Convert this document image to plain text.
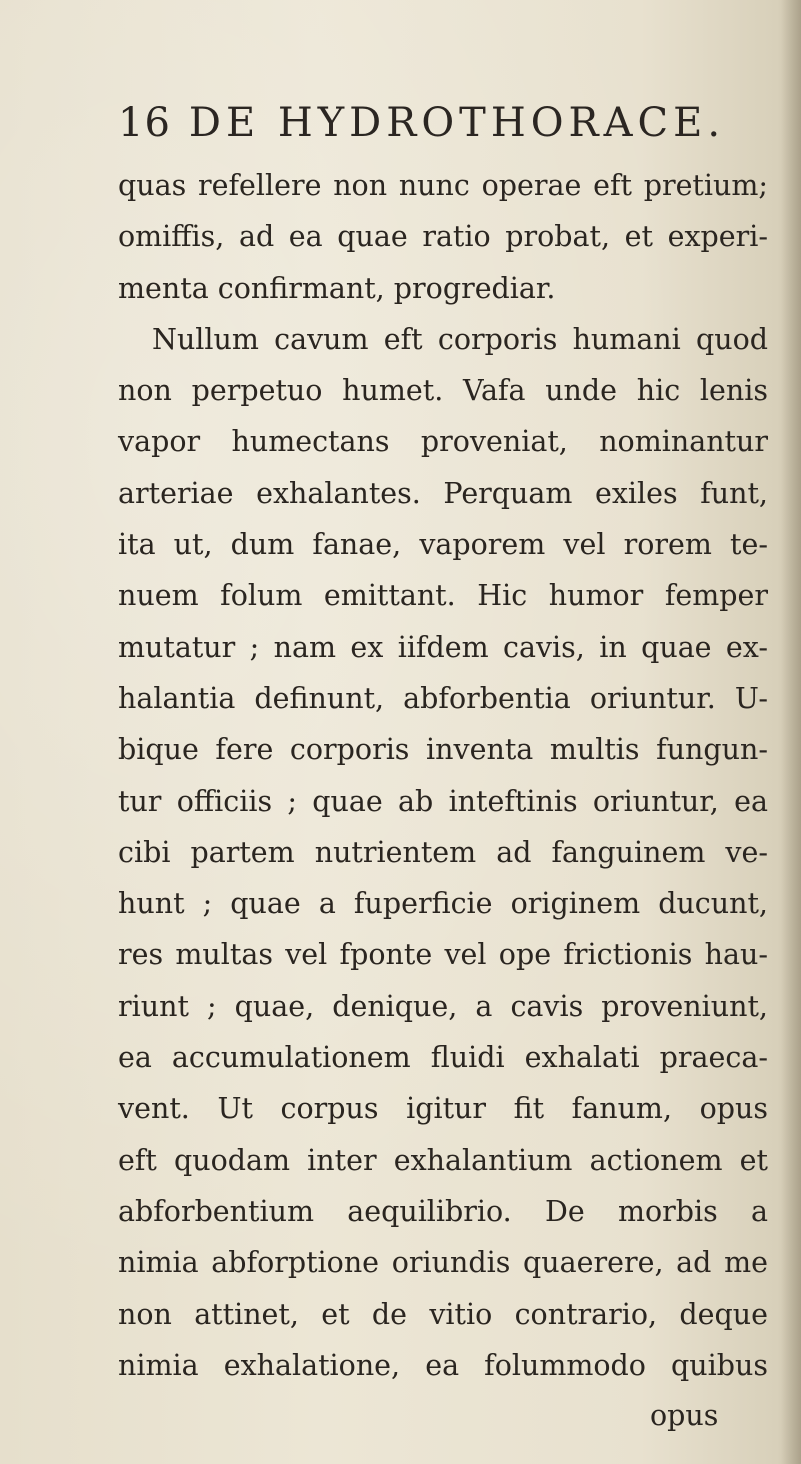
16 DE HYDROTHORACE.
quas refellere non nunc operae eft pretium;
omiffis, ad ea quae ratio probat, et experi-
menta confirmant, progrediar.
Nullum cavum eft corporis humani quod
non perpetuo humet. Vafa unde hic lenis
vapor humectans proveniat, nominantur
arteriae exhalantes. Perquam exiles funt,
ita ut, dum fanae, vaporem vel rorem te-
nuem folum emittant. Hic humor femper
mutatur ; nam ex iifdem cavis, in quae ex-
halantia definunt, abforbentia oriuntur. U-
bique fere corporis inventa multis fungun-
tur officiis ; quae ab inteftinis oriuntur, ea
cibi partem nutrientem ad fanguinem ve-
hunt ; quae a fuperficie originem ducunt,
res multas vel fponte vel ope frictionis hau-
riunt ; quae, denique, a cavis proveniunt,
ea accumulationem fluidi exhalati praeca-
vent. Ut corpus igitur fit fanum, opus
eft quodam inter exhalantium actionem et
abforbentium aequilibrio. De morbis a
nimia abforptione oriundis quaerere, ad me
non attinet, et de vitio contrario, deque
nimia exhalatione, ea folummodo quibus
opus
